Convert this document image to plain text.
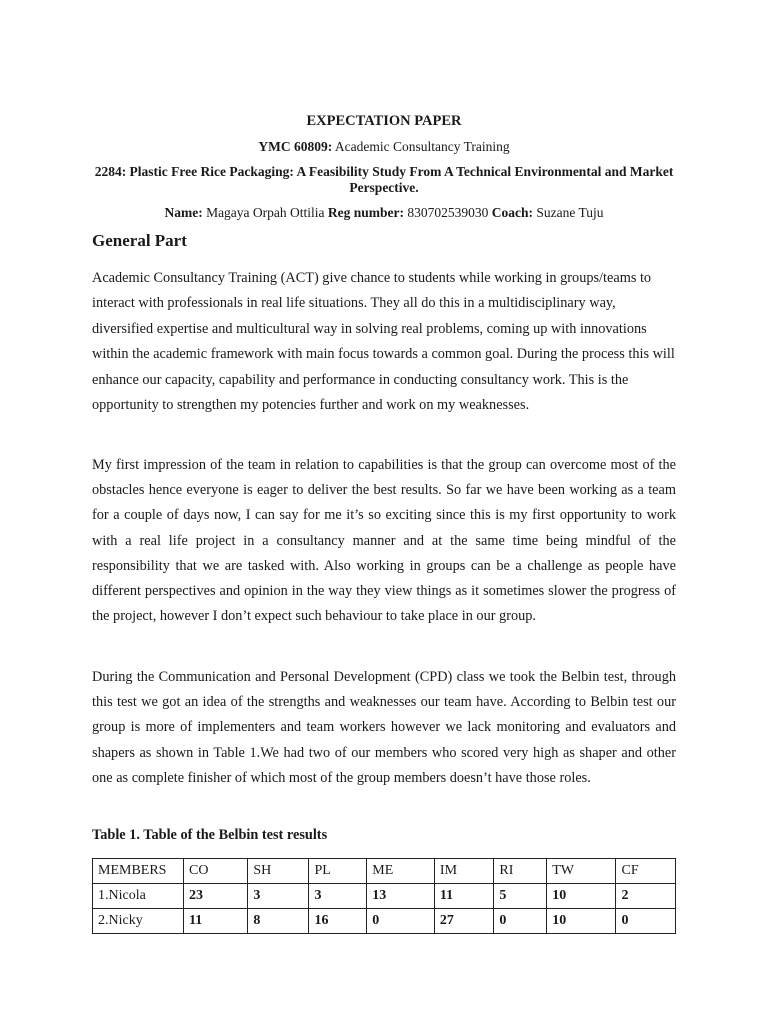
EXPECTATION PAPER
YMC 60809: Academic Consultancy Training
2284: Plastic Free Rice Packaging: A Feasibility Study From A Technical Environmental and Market Perspective.
Name: Magaya Orpah Ottilia Reg number: 830702539030 Coach: Suzane Tuju
General Part

Academic Consultancy Training (ACT) give chance to students while working in groups/teams to interact with professionals in real life situations. They all do this in a multidisciplinary way, diversified expertise and multicultural way in solving real problems, coming up with innovations within the academic framework with main focus towards a common goal. During the process this will enhance our capacity, capability and performance in conducting consultancy work. This is the opportunity to strengthen my potencies further and work on my weaknesses.

My first impression of the team in relation to capabilities is that the group can overcome most of the obstacles hence everyone is eager to deliver the best results. So far we have been working as a team for a couple of days now, I can say for me it’s so exciting since this is my first opportunity to work with a real life project in a consultancy manner and at the same time being mindful of the responsibility that we are tasked with. Also working in groups can be a challenge as people have different perspectives and opinion in the way they view things as it sometimes slower the progress of the project, however I don’t expect such behaviour to take place in our group.

During the Communication and Personal Development (CPD) class we took the Belbin test, through this test we got an idea of the strengths and weaknesses our team have. According to Belbin test our group is more of implementers and team workers however we lack monitoring and evaluators and shapers as shown in Table 1.We had two of our members who scored very high as shaper and other one as complete finisher of which most of the group members doesn’t have those roles.

Table 1. Table of the Belbin test results
MEMBERS	CO	SH	PL	ME	IM	RI	TW	CF
1.Nicola	23	3	3	13	11	5	10	2
2.Nicky	11	8	16	0	27	0	10	0
